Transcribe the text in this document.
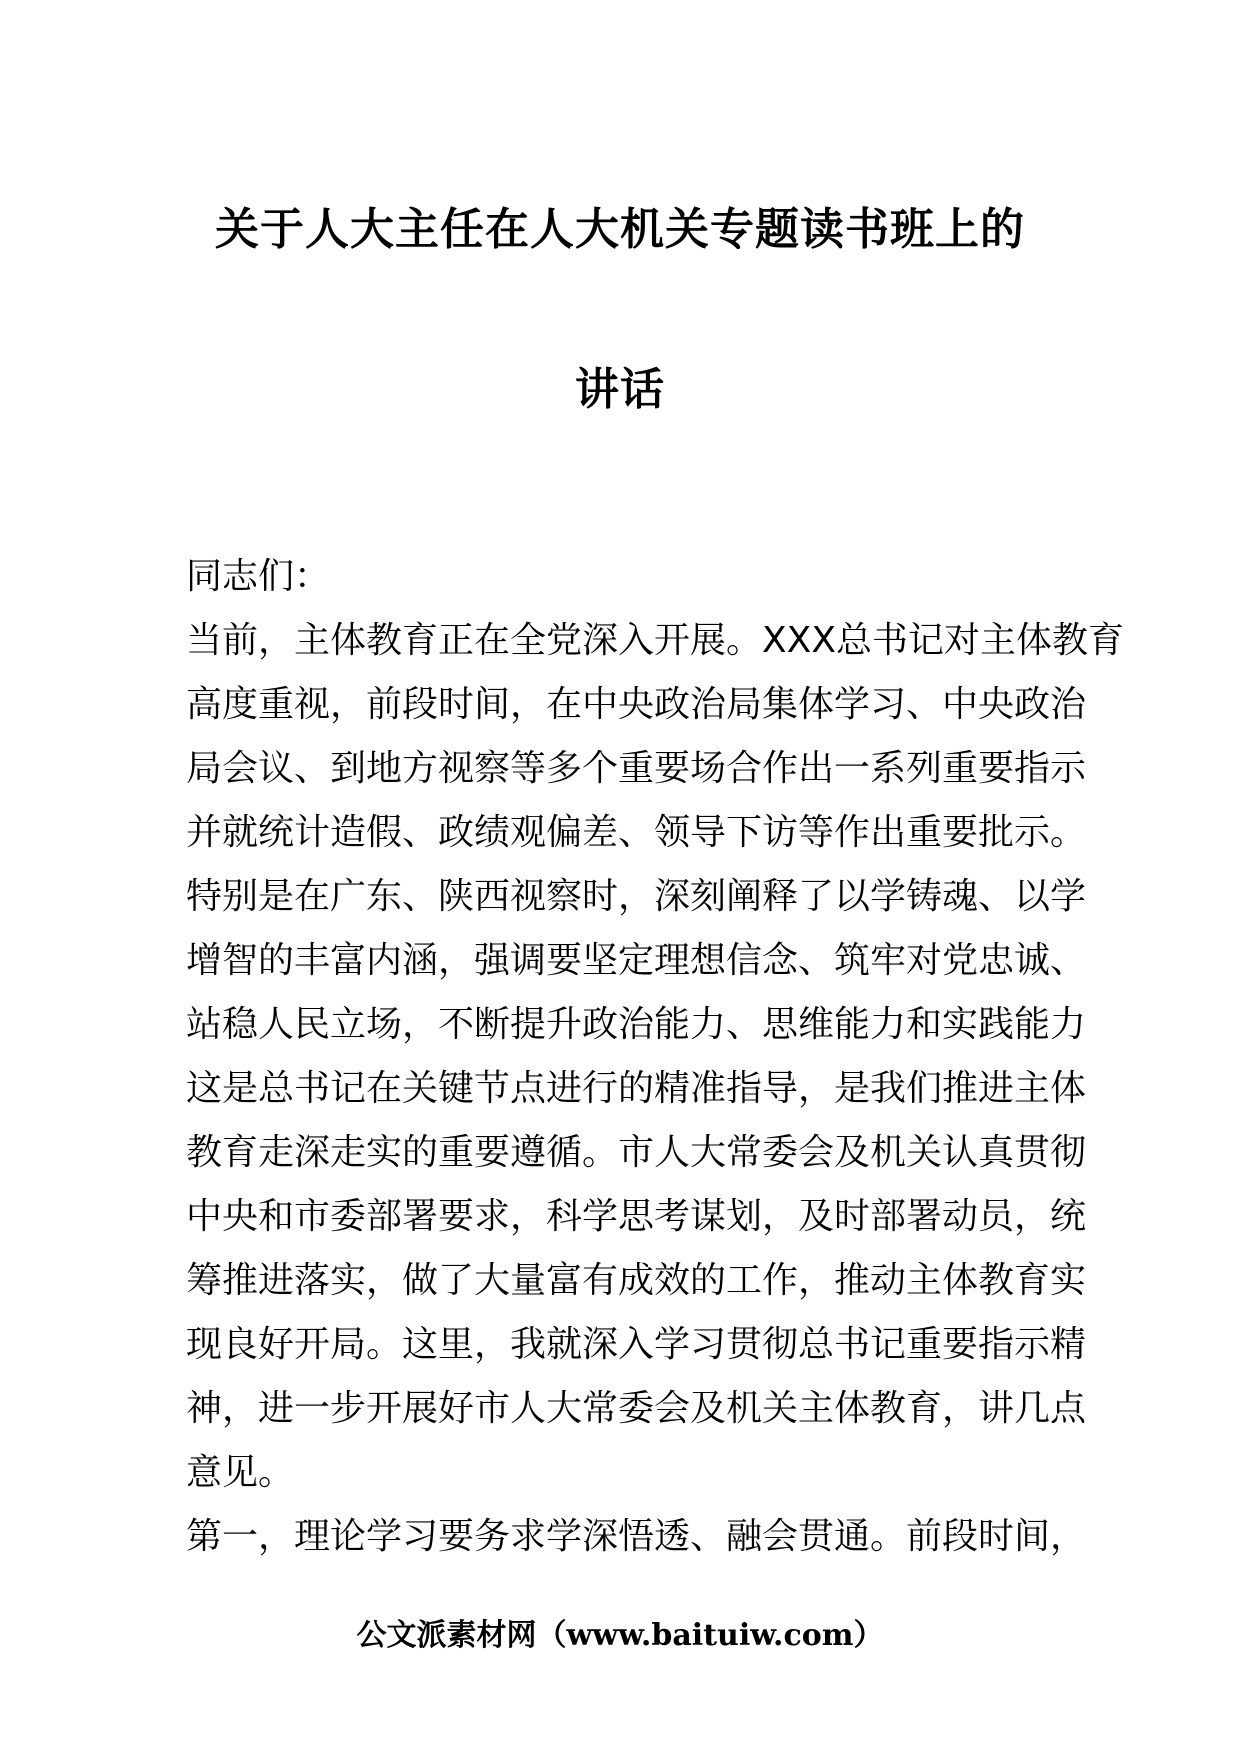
关于人大主任在人大机关专题读书班上的
讲话
同志们：
当前，主体教育正在全党深入开展。XXX总书记对主体教育
高度重视，前段时间，在中央政治局集体学习、中央政治
局会议、到地方视察等多个重要场合作出一系列重要指示
并就统计造假、政绩观偏差、领导下访等作出重要批示。
特别是在广东、陕西视察时，深刻阐释了以学铸魂、以学
增智的丰富内涵，强调要坚定理想信念、筑牢对党忠诚、
站稳人民立场，不断提升政治能力、思维能力和实践能力
这是总书记在关键节点进行的精准指导，是我们推进主体
教育走深走实的重要遵循。市人大常委会及机关认真贯彻
中央和市委部署要求，科学思考谋划，及时部署动员，统
筹推进落实，做了大量富有成效的工作，推动主体教育实
现良好开局。这里，我就深入学习贯彻总书记重要指示精
神，进一步开展好市人大常委会及机关主体教育，讲几点
意见。
第一，理论学习要务求学深悟透、融会贯通。前段时间，
公文派素材网（www.baituiw.com）
